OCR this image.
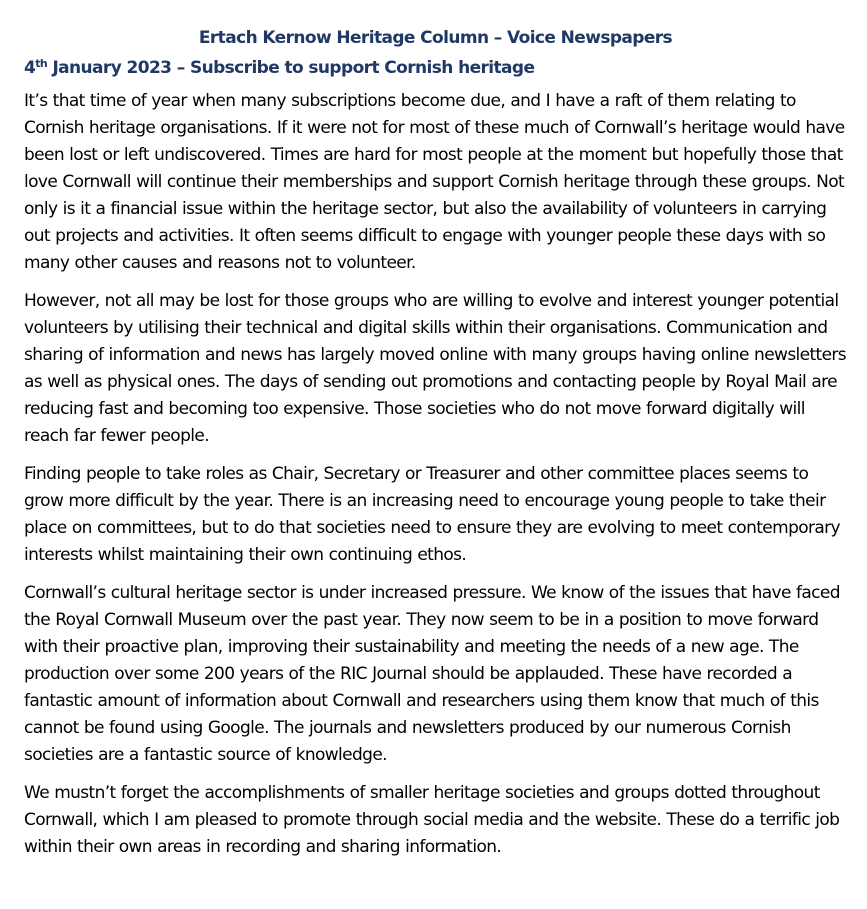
Ertach Kernow Heritage Column – Voice Newspapers
4th January 2023 – Subscribe to support Cornish heritage

It’s that time of year when many subscriptions become due, and I have a raft of them relating to Cornish heritage organisations. If it were not for most of these much of Cornwall’s heritage would have been lost or left undiscovered. Times are hard for most people at the moment but hopefully those that love Cornwall will continue their memberships and support Cornish heritage through these groups. Not only is it a financial issue within the heritage sector, but also the availability of volunteers in carrying out projects and activities. It often seems difficult to engage with younger people these days with so many other causes and reasons not to volunteer.

However, not all may be lost for those groups who are willing to evolve and interest younger potential volunteers by utilising their technical and digital skills within their organisations. Communication and sharing of information and news has largely moved online with many groups having online newsletters as well as physical ones. The days of sending out promotions and contacting people by Royal Mail are reducing fast and becoming too expensive. Those societies who do not move forward digitally will reach far fewer people.

Finding people to take roles as Chair, Secretary or Treasurer and other committee places seems to grow more difficult by the year. There is an increasing need to encourage young people to take their place on committees, but to do that societies need to ensure they are evolving to meet contemporary interests whilst maintaining their own continuing ethos.

Cornwall’s cultural heritage sector is under increased pressure. We know of the issues that have faced the Royal Cornwall Museum over the past year. They now seem to be in a position to move forward with their proactive plan, improving their sustainability and meeting the needs of a new age. The production over some 200 years of the RIC Journal should be applauded. These have recorded a fantastic amount of information about Cornwall and researchers using them know that much of this cannot be found using Google. The journals and newsletters produced by our numerous Cornish societies are a fantastic source of knowledge.

We mustn’t forget the accomplishments of smaller heritage societies and groups dotted throughout Cornwall, which I am pleased to promote through social media and the website. These do a terrific job within their own areas in recording and sharing information.
